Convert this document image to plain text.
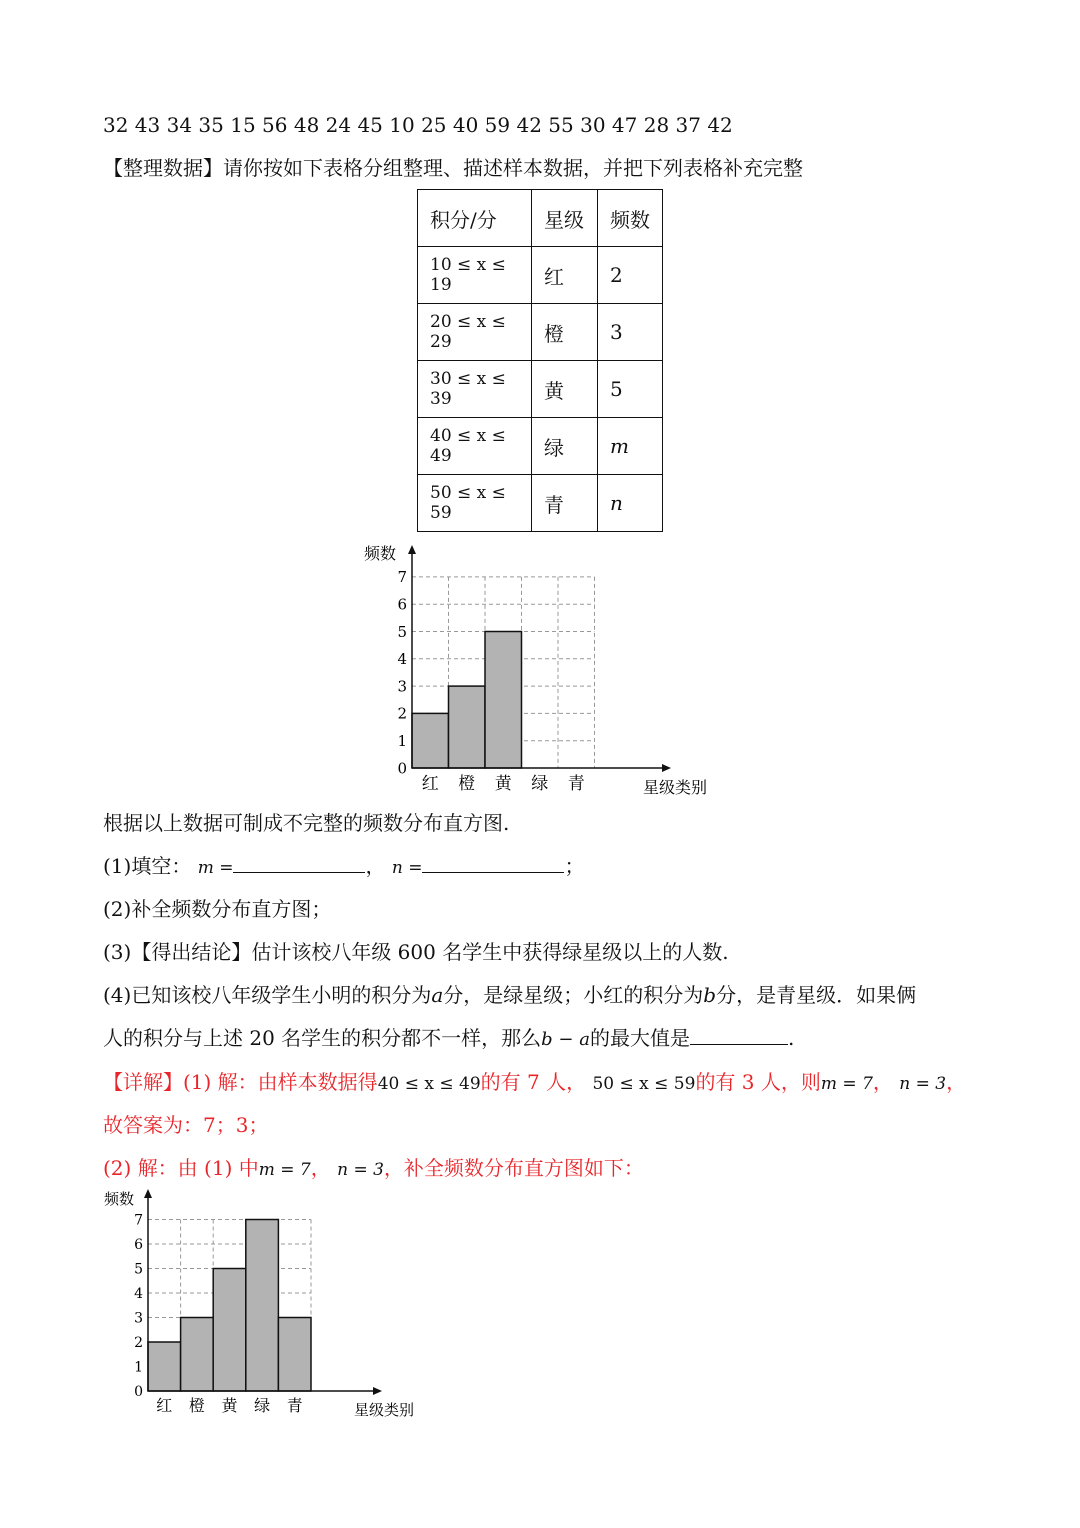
32 43 34 35 15 56 48 24 45 10 25 40 59 42 55 30 47 28 37 42
【整理数据】请你按如下表格分组整理、描述样本数据，并把下列表格补充完整
积分/分	星级	频数
10 ≤ x ≤ 19	红	2
20 ≤ x ≤ 29	橙	3
30 ≤ x ≤ 39	黄	5
40 ≤ x ≤ 49	绿	m
50 ≤ x ≤ 59	青	n
0
1
2
3
4
5
6
7
红 橙 黄 绿 青
频数
星级类别
根据以上数据可制成不完整的频数分布直方图.
(1)填空： m =	， n =	；
(2)补全频数分布直方图；
(3)【得出结论】估计该校八年级 600 名学生中获得绿星级以上的人数.
(4)已知该校八年级学生小明的积分为a分，是绿星级；小红的积分为b分，是青星级．如果俩
人的积分与上述 20 名学生的积分都不一样，那么b − a的最大值是	.
【详解】(1) 解：由样本数据得40 ≤ x ≤ 49的有 7 人， 50 ≤ x ≤ 59的有 3 人，则m = 7， n = 3，
故答案为：7；3；
(2) 解：由 (1) 中m = 7， n = 3，补全频数分布直方图如下：
0
1
2
3
4
5
6
7
红 橙 黄 绿 青
频数
星级类别
